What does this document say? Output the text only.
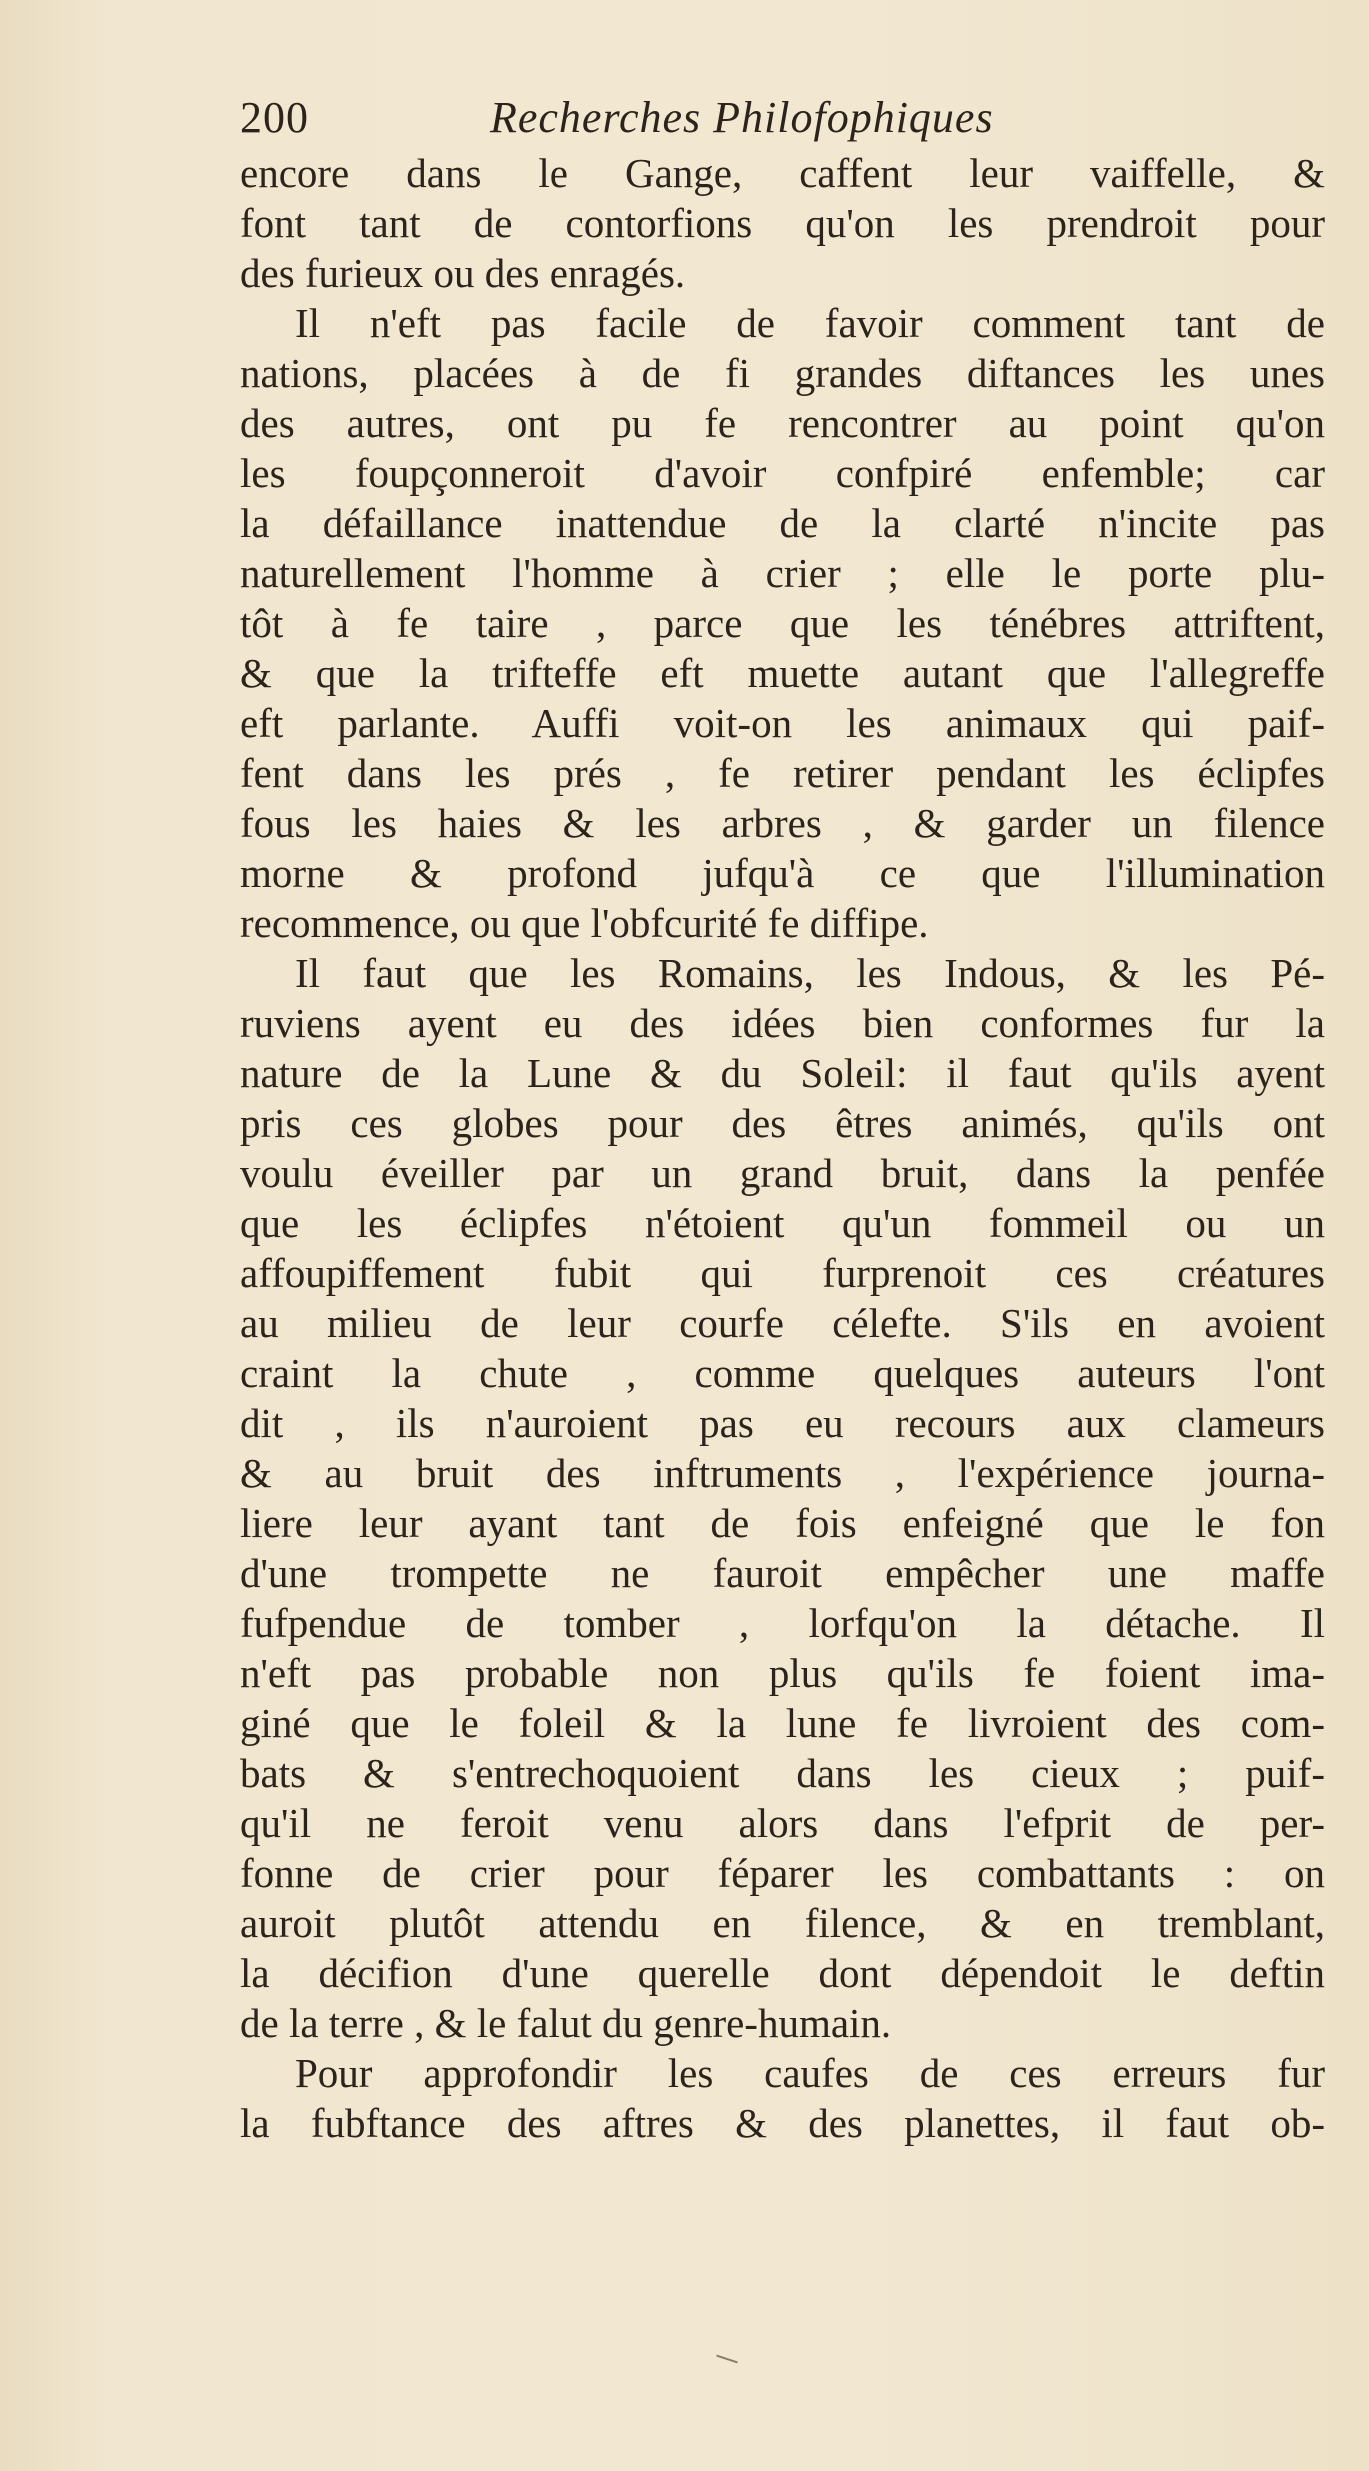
200	Recherches Philofophiques
encore dans le Gange, caffent leur vaiffelle, &
font tant de contorfions qu'on les prendroit pour
des furieux ou des enragés.
Il n'eft pas facile de favoir comment tant de
nations, placées à de fi grandes diftances les unes
des autres, ont pu fe rencontrer au point qu'on
les foupçonneroit d'avoir confpiré enfemble; car
la défaillance inattendue de la clarté n'incite pas
naturellement l'homme à crier ; elle le porte plu-
tôt à fe taire , parce que les ténébres attriftent,
& que la trifteffe eft muette autant que l'allegreffe
eft parlante. Auffi voit-on les animaux qui paif-
fent dans les prés , fe retirer pendant les éclipfes
fous les haies & les arbres , & garder un filence
morne & profond jufqu'à ce que l'illumination
recommence, ou que l'obfcurité fe diffipe.
Il faut que les Romains, les Indous, & les Pé-
ruviens ayent eu des idées bien conformes fur la
nature de la Lune & du Soleil: il faut qu'ils ayent
pris ces globes pour des êtres animés, qu'ils ont
voulu éveiller par un grand bruit, dans la penfée
que les éclipfes n'étoient qu'un fommeil ou un
affoupiffement fubit qui furprenoit ces créatures
au milieu de leur courfe célefte. S'ils en avoient
craint la chute , comme quelques auteurs l'ont
dit , ils n'auroient pas eu recours aux clameurs
& au bruit des inftruments , l'expérience journa-
liere leur ayant tant de fois enfeigné que le fon
d'une trompette ne fauroit empêcher une maffe
fufpendue de tomber , lorfqu'on la détache. Il
n'eft pas probable non plus qu'ils fe foient ima-
giné que le foleil & la lune fe livroient des com-
bats & s'entrechoquoient dans les cieux ; puif-
qu'il ne feroit venu alors dans l'efprit de per-
fonne de crier pour féparer les combattants : on
auroit plutôt attendu en filence, & en tremblant,
la décifion d'une querelle dont dépendoit le deftin
de la terre , & le falut du genre-humain.
Pour approfondir les caufes de ces erreurs fur
la fubftance des aftres & des planettes, il faut ob-
